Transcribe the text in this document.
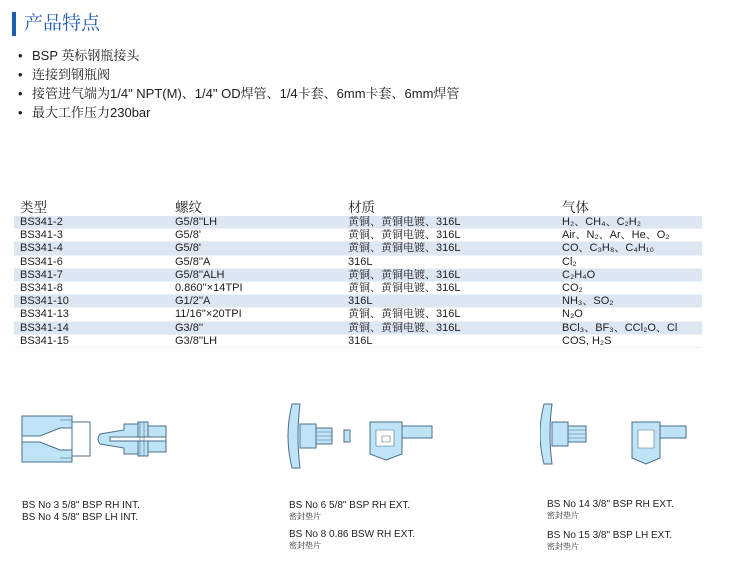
产品特点
• BSP 英标钢瓶接头
• 连接到钢瓶阀
• 接管进气端为1/4" NPT(M)、1/4" OD焊管、1/4卡套、6mm卡套、6mm焊管
• 最大工作压力230bar
类型	螺纹	材质	气体
BS341-2	G5/8''LH	黄铜、黄铜电镀、316L	H₂、CH₄、C₂H₂
BS341-3	G5/8'	黄铜、黄铜电镀、316L	Air、N₂、Ar、He、O₂
BS341-4	G5/8'	黄铜、黄铜电镀、316L	CO、C₃H₈、C₄H₁₀
BS341-6	G5/8''A	316L	Cl₂
BS341-7	G5/8''ALH	黄铜、黄铜电镀、316L	C₂H₄O
BS341-8	0.860''×14TPI	黄铜、黄铜电镀、316L	CO₂
BS341-10	G1/2''A	316L	NH₃、SO₂
BS341-13	11/16''×20TPI	黄铜、黄铜电镀、316L	N₂O
BS341-14	G3/8''	黄铜、黄铜电镀、316L	BCl₃、BF₃、CCl₂O、Cl
BS341-15	G3/8''LH	316L	COS, H₂S
BS No 3 5/8" BSP RH INT.
BS No 4 5/8" BSP LH INT.
BS No 6 5/8" BSP RH EXT.
密封垫片
BS No 8 0.86 BSW RH EXT.
密封垫片
BS No 14 3/8" BSP RH EXT.
密封垫片
BS No 15 3/8" BSP LH EXT.
密封垫片
